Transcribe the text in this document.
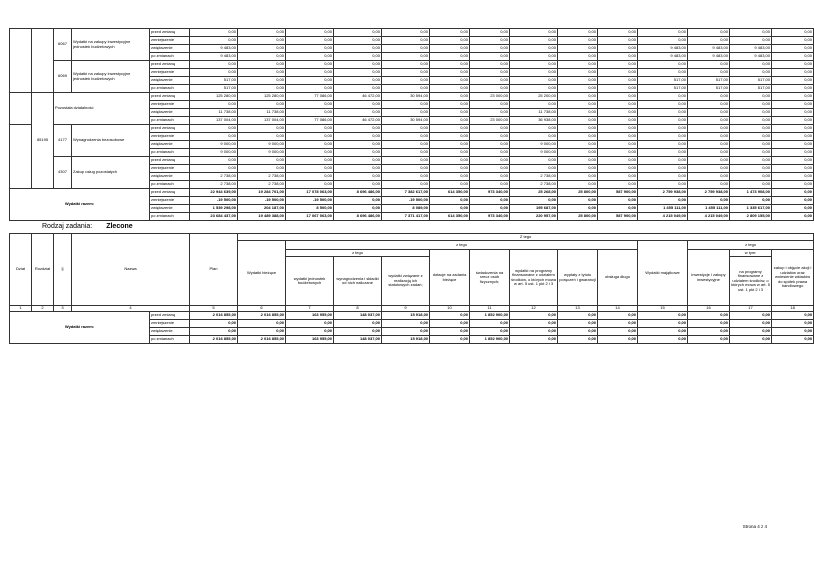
		6067	Wydatki na zakupy inwestycyjne jednostek budżetowych	przed zmianą	0,00	0,00	0,00	0,00	0,00	0,00	0,00	0,00	0,00	0,00	0,00	0,00	0,00	0,00
				zmniejszenie	0,00	0,00	0,00	0,00	0,00	0,00	0,00	0,00	0,00	0,00	0,00	0,00	0,00	0,00
				zwiększenie	9 483,00	0,00	0,00	0,00	0,00	0,00	0,00	0,00	0,00	0,00	9 483,00	9 483,00	9 483,00	0,00
				po zmianach	9 483,00	0,00	0,00	0,00	0,00	0,00	0,00	0,00	0,00	0,00	9 483,00	9 483,00	9 483,00	0,00
		6069	Wydatki na zakupy inwestycyjne jednostek budżetowych	przed zmianą	0,00	0,00	0,00	0,00	0,00	0,00	0,00	0,00	0,00	0,00	0,00	0,00	0,00	0,00
				zmniejszenie	0,00	0,00	0,00	0,00	0,00	0,00	0,00	0,00	0,00	0,00	0,00	0,00	0,00	0,00
				zwiększenie	517,00	0,00	0,00	0,00	0,00	0,00	0,00	0,00	0,00	0,00	517,00	517,00	517,00	0,00
				po zmianach	517,00	0,00	0,00	0,00	0,00	0,00	0,00	0,00	0,00	0,00	517,00	517,00	517,00	0,00
	85195	Pozostała działalność		przed zmianą	125 280,00	125 280,00	77 086,00	46 472,00	30 594,00	0,00	23 000,00	25 200,00	0,00	0,00	0,00	0,00	0,00	0,00
				zmniejszenie	0,00	0,00	0,00	0,00	0,00	0,00	0,00	0,00	0,00	0,00	0,00	0,00	0,00	0,00
				zwiększenie	11 738,00	11 738,00	0,00	0,00	0,00	0,00	0,00	11 738,00	0,00	0,00	0,00	0,00	0,00	0,00
				po zmianach	137 004,00	137 004,00	77 086,00	46 472,00	30 594,00	0,00	23 000,00	36 938,00	0,00	0,00	0,00	0,00	0,00	0,00
		4177	Wynagrodzenia bezosobowe	przed zmianą	0,00	0,00	0,00	0,00	0,00	0,00	0,00	0,00	0,00	0,00	0,00	0,00	0,00	0,00
				zmniejszenie	0,00	0,00	0,00	0,00	0,00	0,00	0,00	0,00	0,00	0,00	0,00	0,00	0,00	0,00
				zwiększenie	9 000,00	9 000,00	0,00	0,00	0,00	0,00	0,00	9 000,00	0,00	0,00	0,00	0,00	0,00	0,00
				po zmianach	9 000,00	9 000,00	0,00	0,00	0,00	0,00	0,00	9 000,00	0,00	0,00	0,00	0,00	0,00	0,00
		4307	Zakup usług pozostałych	przed zmianą	0,00	0,00	0,00	0,00	0,00	0,00	0,00	0,00	0,00	0,00	0,00	0,00	0,00	0,00
				zmniejszenie	0,00	0,00	0,00	0,00	0,00	0,00	0,00	0,00	0,00	0,00	0,00	0,00	0,00	0,00
				zwiększenie	2 738,00	2 738,00	0,00	0,00	0,00	0,00	0,00	2 738,00	0,00	0,00	0,00	0,00	0,00	0,00
				po zmianach	2 738,00	2 738,00	0,00	0,00	0,00	0,00	0,00	2 738,00	0,00	0,00	0,00	0,00	0,00	0,00
Wydatki razem:				przed zmianą	22 944 639,00	19 284 701,00	17 078 063,00	8 696 486,00	7 382 617,00	614 350,00	973 340,00	25 268,00	25 800,00	587 900,00	2 759 938,00	2 759 938,00	1 473 908,00	0,00
				zmniejszenie	-19 500,00	-19 500,00	-19 500,00	0,00	-19 500,00	0,00	0,00	0,00	0,00	0,00	0,00	0,00	0,00	0,00
				zwiększenie	1 539 298,00	204 187,00	8 500,00	0,00	8 089,00	0,00	0,00	195 687,00	0,00	0,00	1 455 111,00	1 455 111,00	1 335 617,00	0,00
				po zmianach	23 684 437,00	19 489 388,00	17 067 063,00	8 696 486,00	7 371 417,00	614 350,00	973 340,00	220 957,00	25 800,00	587 900,00	4 215 049,00	4 215 049,00	2 809 155,00	0,00
Rodzaj zadania: Zlecone
Dział	Rozdział	§	Nazwa		Plan	Z tego												
						Wydatki bieżące	z tego								Wydatki majątkowe	z tego		
							z tego			dotacje na zadania bieżące	świadczenia na rzecz osób fizycznych;	wydatki na programy finansowane z udziałem środków, o których mowa w art. 5 ust. 1 pkt 2 i 3	wypłaty z tytułu poręczeń i gwarancji	obsługa długu		inwestycje i zakupy inwestycyjne	w tym:	zakup i objęcie akcji i udziałów oraz wniesienie wkładów do spółek prawa handlowego
							wydatki jednostek budżetowych	wynagrodzenia i składki od nich naliczane	wydatki związane z realizacją ich statutowych zadań;								na programy finansowane z udziałem środków, o których mowa w art. 5 ust. 1 pkt 2 i 3	
1	2	3	4		5	6	7	8	9	10	11	12	13	14	15	16	17	18
Wydatki razem:				przed zmianą	2 016 855,00	2 016 855,00	163 955,00	148 037,00	15 918,00	0,00	1 852 900,00	0,00	0,00	0,00	0,00	0,00	0,00	0,00
				zmniejszenie	0,00	0,00	0,00	0,00	0,00	0,00	0,00	0,00	0,00	0,00	0,00	0,00	0,00	0,00
				zwiększenie	0,00	0,00	0,00	0,00	0,00	0,00	0,00	0,00	0,00	0,00	0,00	0,00	0,00	0,00
				po zmianach	2 016 855,00	2 016 855,00	163 955,00	148 037,00	15 918,00	0,00	1 852 900,00	0,00	0,00	0,00	0,00	0,00	0,00	0,00
Strona 4 z 4
